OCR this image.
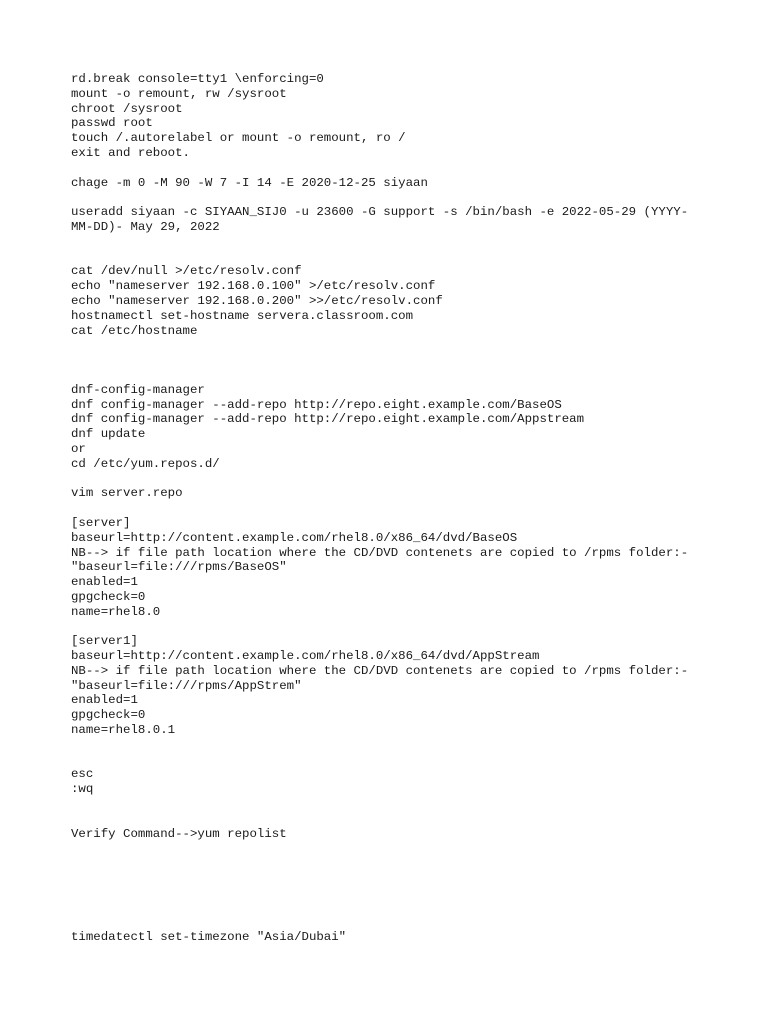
rd.break console=tty1 \enforcing=0
mount -o remount, rw /sysroot
chroot /sysroot
passwd root
touch /.autorelabel or mount -o remount, ro /
exit and reboot.
chage -m 0 -M 90 -W 7 -I 14 -E 2020-12-25 siyaan
useradd siyaan -c SIYAAN_SIJ0 -u 23600 -G support -s /bin/bash -e 2022-05-29 (YYYY-
MM-DD)- May 29, 2022
cat /dev/null >/etc/resolv.conf
echo "nameserver 192.168.0.100" >/etc/resolv.conf
echo "nameserver 192.168.0.200" >>/etc/resolv.conf
hostnamectl set-hostname servera.classroom.com
cat /etc/hostname
dnf-config-manager
dnf config-manager --add-repo http://repo.eight.example.com/BaseOS
dnf config-manager --add-repo http://repo.eight.example.com/Appstream
dnf update
or
cd /etc/yum.repos.d/
vim server.repo
[server]
baseurl=http://content.example.com/rhel8.0/x86_64/dvd/BaseOS
NB--> if file path location where the CD/DVD contenets are copied to /rpms folder:-
"baseurl=file:///rpms/BaseOS"
enabled=1
gpgcheck=0
name=rhel8.0
[server1]
baseurl=http://content.example.com/rhel8.0/x86_64/dvd/AppStream
NB--> if file path location where the CD/DVD contenets are copied to /rpms folder:-
"baseurl=file:///rpms/AppStrem"
enabled=1
gpgcheck=0
name=rhel8.0.1
esc
:wq
Verify Command-->yum repolist
timedatectl set-timezone "Asia/Dubai"
